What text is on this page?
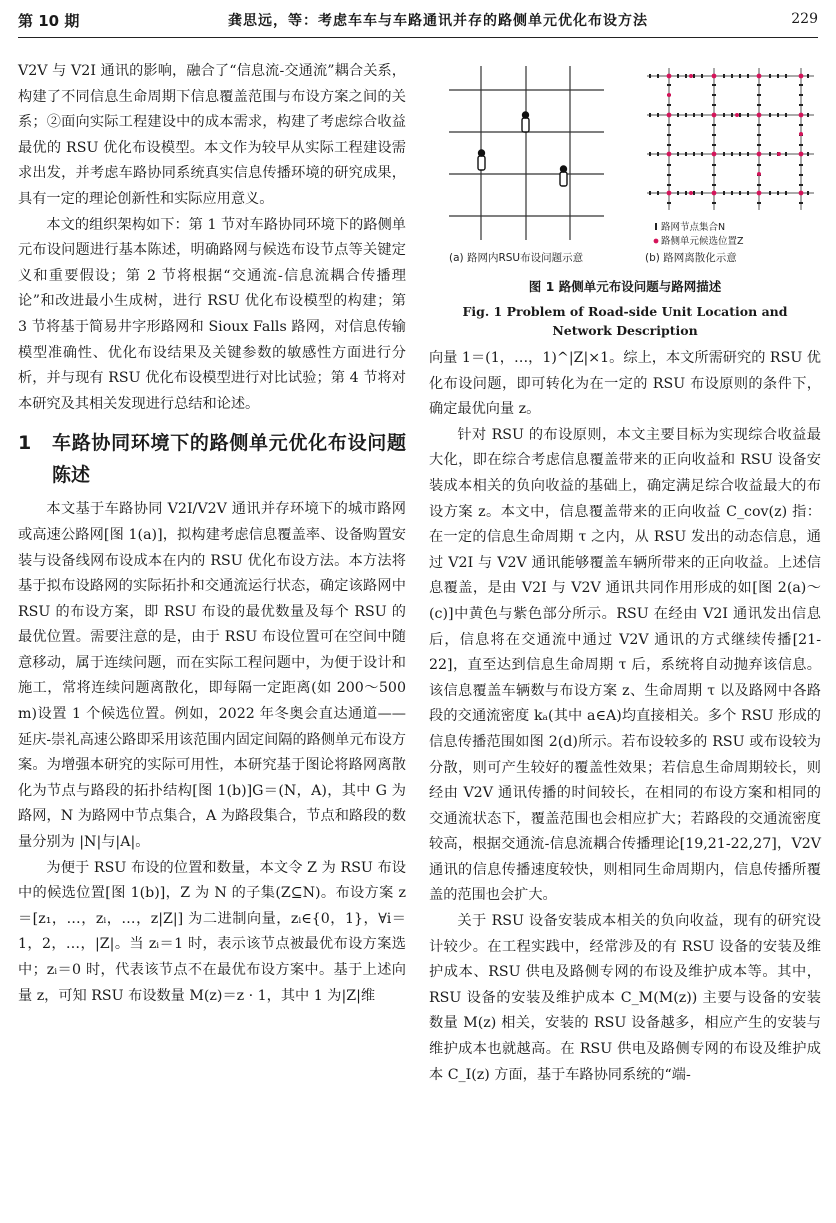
第 10 期	龚思远，等：考虑车车与车路通讯并存的路侧单元优化布设方法	229

V2V 与 V2I 通讯的影响，融合了“信息流-交通流”耦合关系，构建了不同信息生命周期下信息覆盖范围与布设方案之间的关系；②面向实际工程建设中的成本需求，构建了考虑综合收益最优的 RSU 优化布设模型。本文作为较早从实际工程建设需求出发，并考虑车路协同系统真实信息传播环境的研究成果，具有一定的理论创新性和实际应用意义。

本文的组织架构如下：第 1 节对车路协同环境下的路侧单元布设问题进行基本陈述，明确路网与候选布设节点等关键定义和重要假设；第 2 节将根据“交通流-信息流耦合传播理论”和改进最小生成树，进行 RSU 优化布设模型的构建；第 3 节将基于简易井字形路网和 Sioux Falls 路网，对信息传输模型准确性、优化布设结果及关键参数的敏感性方面进行分析，并与现有 RSU 优化布设模型进行对比试验；第 4 节将对本研究及其相关发现进行总结和论述。

1	车路协同环境下的路侧单元优化布设问题陈述

本文基于车路协同 V2I/V2V 通讯并存环境下的城市路网或高速公路网[图 1(a)]，拟构建考虑信息覆盖率、设备购置安装与设备线网布设成本在内的 RSU 优化布设方法。本方法将基于拟布设路网的实际拓扑和交通流运行状态，确定该路网中 RSU 的布设方案，即 RSU 布设的最优数量及每个 RSU 的最优位置。需要注意的是，由于 RSU 布设位置可在空间中随意移动，属于连续问题，而在实际工程问题中，为便于设计和施工，常将连续问题离散化，即每隔一定距离(如 200～500 m)设置 1 个候选位置。例如，2022 年冬奥会直达通道——延庆-崇礼高速公路即采用该范围内固定间隔的路侧单元布设方案。为增强本研究的实际可用性，本研究基于图论将路网离散化为节点与路段的拓扑结构[图 1(b)]G＝(N，A)，其中 G 为路网，N 为路网中节点集合，A 为路段集合，节点和路段的数量分别为 |N|与|A|。

为便于 RSU 布设的位置和数量，本文令 Z 为 RSU 布设中的候选位置[图 1(b)]，Z 为 N 的子集(Z⊆N)。布设方案 z＝[z₁，…，zᵢ，…，z|Z|] 为二进制向量，zᵢ∈{0，1}，∀i＝1，2，…，|Z|。当 zᵢ＝1 时，表示该节点被最优布设方案选中；zᵢ＝0 时，代表该节点不在最优布设方案中。基于上述向量 z，可知 RSU 布设数量 M(z)＝z · 1，其中 1 为|Z|维

(a) 路网内RSU布设问题示意
路网节点集合N
路侧单元候选位置Z
(b) 路网离散化示意
图 1 路侧单元布设问题与路网描述
Fig. 1 Problem of Road-side Unit Location and
Network Description

向量 1＝(1，…，1)^|Z|×1。综上，本文所需研究的 RSU 优化布设问题，即可转化为在一定的 RSU 布设原则的条件下，确定最优向量 z。

针对 RSU 的布设原则，本文主要目标为实现综合收益最大化，即在综合考虑信息覆盖带来的正向收益和 RSU 设备安装成本相关的负向收益的基础上，确定满足综合收益最大的布设方案 z。本文中，信息覆盖带来的正向收益 C_cov(z) 指：在一定的信息生命周期 τ 之内，从 RSU 发出的动态信息，通过 V2I 与 V2V 通讯能够覆盖车辆所带来的正向收益。上述信息覆盖，是由 V2I 与 V2V 通讯共同作用形成的如[图 2(a)～(c)]中黄色与紫色部分所示。RSU 在经由 V2I 通讯发出信息后，信息将在交通流中通过 V2V 通讯的方式继续传播[21-22]，直至达到信息生命周期 τ 后，系统将自动抛弃该信息。该信息覆盖车辆数与布设方案 z、生命周期 τ 以及路网中各路段的交通流密度 kₐ(其中 a∈A)均直接相关。多个 RSU 形成的信息传播范围如图 2(d)所示。若布设较多的 RSU 或布设较为分散，则可产生较好的覆盖性效果；若信息生命周期较长，则经由 V2V 通讯传播的时间较长，在相同的布设方案和相同的交通流状态下，覆盖范围也会相应扩大；若路段的交通流密度较高，根据交通流-信息流耦合传播理论[19,21-22,27]，V2V 通讯的信息传播速度较快，则相同生命周期内，信息传播所覆盖的范围也会扩大。

关于 RSU 设备安装成本相关的负向收益，现有的研究设计较少。在工程实践中，经常涉及的有 RSU 设备的安装及维护成本、RSU 供电及路侧专网的布设及维护成本等。其中，RSU 设备的安装及维护成本 C_M(M(z)) 主要与设备的安装数量 M(z) 相关，安装的 RSU 设备越多，相应产生的安装与维护成本也就越高。在 RSU 供电及路侧专网的布设及维护成本 C_I(z) 方面，基于车路协同系统的“端-
